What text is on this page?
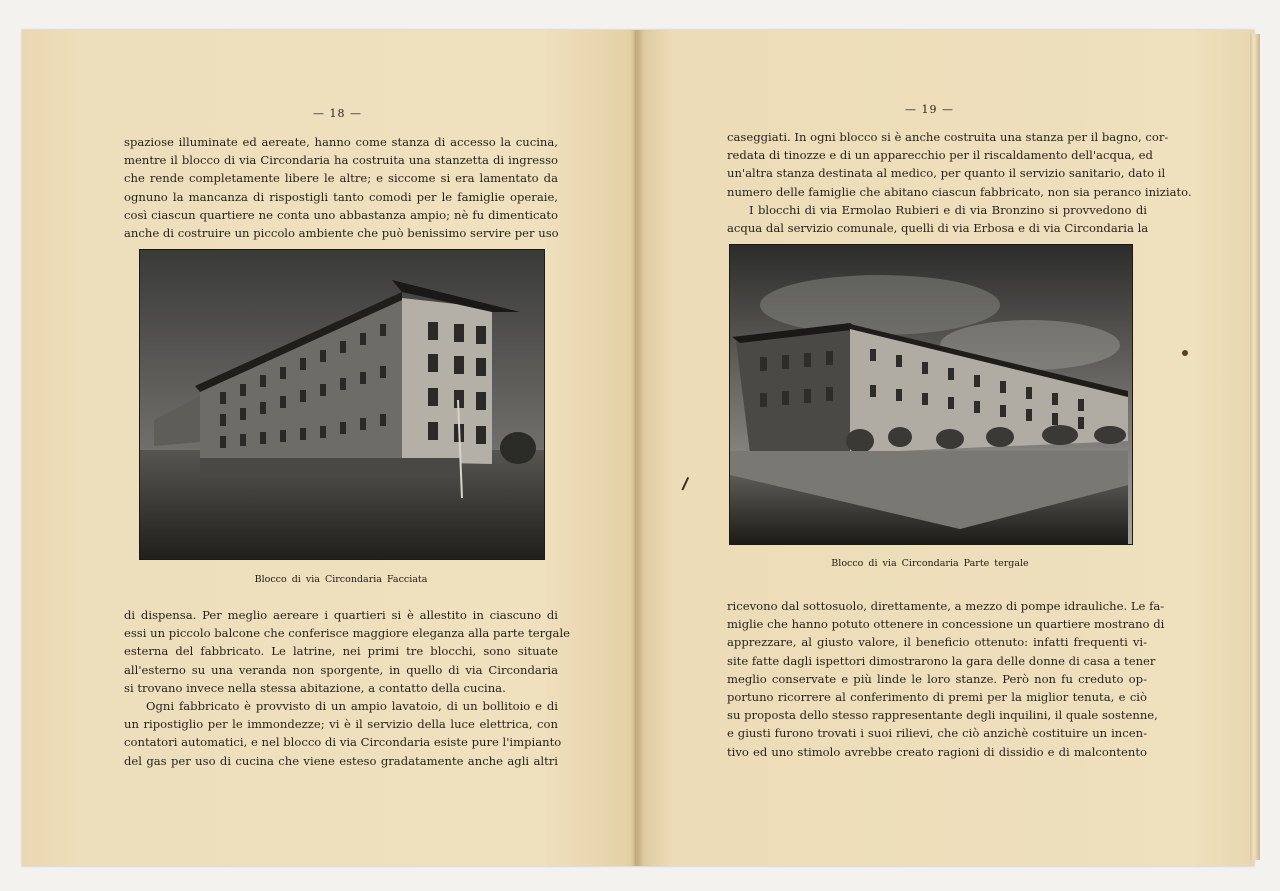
— 18 —
spaziose illuminate ed aereate, hanno come stanza di accesso la cucina,
mentre il blocco di via Circondaria ha costruita una stanzetta di ingresso
che rende completamente libere le altre; e siccome si era lamentato da
ognuno la mancanza di rispostigli tanto comodi per le famiglie operaie,
così ciascun quartiere ne conta uno abbastanza ampio; nè fu dimenticato
anche di costruire un piccolo ambiente che può benissimo servire per uso
Blocco di via Circondaria Facciata
di dispensa. Per meglio aereare i quartieri si è allestito in ciascuno di
essi un piccolo balcone che conferisce maggiore eleganza alla parte tergale
esterna del fabbricato. Le latrine, nei primi tre blocchi, sono situate
all'esterno su una veranda non sporgente, in quello di via Circondaria
si trovano invece nella stessa abitazione, a contatto della cucina.
Ogni fabbricato è provvisto di un ampio lavatoio, di un bollitoio e di
un ripostiglio per le immondezze; vi è il servizio della luce elettrica, con
contatori automatici, e nel blocco di via Circondaria esiste pure l'impianto
del gas per uso di cucina che viene esteso gradatamente anche agli altri
— 19 —
caseggiati. In ogni blocco si è anche costruita una stanza per il bagno, cor-
redata di tinozze e di un apparecchio per il riscaldamento dell'acqua, ed
un'altra stanza destinata al medico, per quanto il servizio sanitario, dato il
numero delle famiglie che abitano ciascun fabbricato, non sia peranco iniziato.
I blocchi di via Ermolao Rubieri e di via Bronzino si provvedono di
acqua dal servizio comunale, quelli di via Erbosa e di via Circondaria la
Blocco di via Circondaria Parte tergale
ricevono dal sottosuolo, direttamente, a mezzo di pompe idrauliche. Le fa-
miglie che hanno potuto ottenere in concessione un quartiere mostrano di
apprezzare, al giusto valore, il beneficio ottenuto: infatti frequenti vi-
site fatte dagli ispettori dimostrarono la gara delle donne di casa a tener
meglio conservate e più linde le loro stanze. Però non fu creduto op-
portuno ricorrere al conferimento di premi per la miglior tenuta, e ciò
su proposta dello stesso rappresentante degli inquilini, il quale sostenne,
e giusti furono trovati i suoi rilievi, che ciò anzichè costituire un incen-
tivo ed uno stimolo avrebbe creato ragioni di dissidio e di malcontento
